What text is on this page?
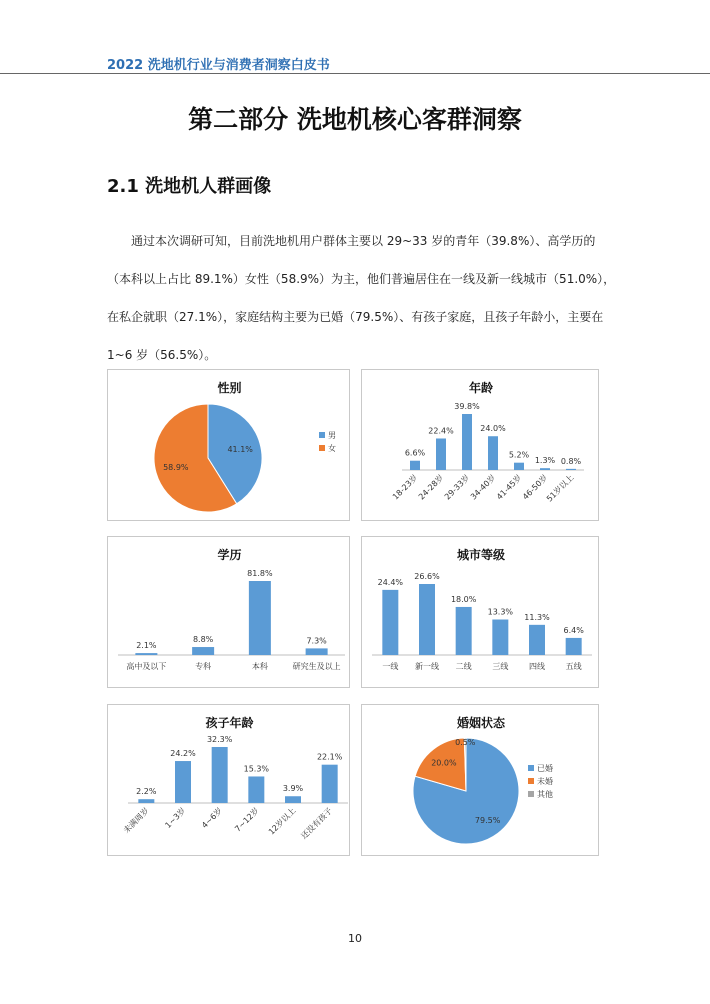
2022 洗地机行业与消费者洞察白皮书
第二部分 洗地机核心客群洞察
2.1 洗地机人群画像
通过本次调研可知，目前洗地机用户群体主要以 29~33 岁的青年（39.8%）、高学历的
（本科以上占比 89.1%）女性（58.9%）为主，他们普遍居住在一线及新一线城市（51.0%），
在私企就职（27.1%），家庭结构主要为已婚（79.5%）、有孩子家庭，且孩子年龄小，主要在
1~6 岁（56.5%）。
性别
41.1%
58.9%
男
女
年龄
6.6%
18-23岁
22.4%
24-28岁
39.8%
29-33岁
24.0%
34-40岁
5.2%
41-45岁
1.3%
46-50岁
0.8%
51岁以上
学历
2.1%
高中及以下
8.8%
专科
81.8%
本科
7.3%
研究生及以上
城市等级
24.4%
一线
26.6%
新一线
18.0%
二线
13.3%
三线
11.3%
四线
6.4%
五线
孩子年龄
2.2%
未满周岁
24.2%
1~3岁
32.3%
4~6岁
15.3%
7~12岁
3.9%
12岁以上
22.1%
还没有孩子
婚姻状态
79.5%
20.0%
0.5%
已婚
未婚
其他
10
